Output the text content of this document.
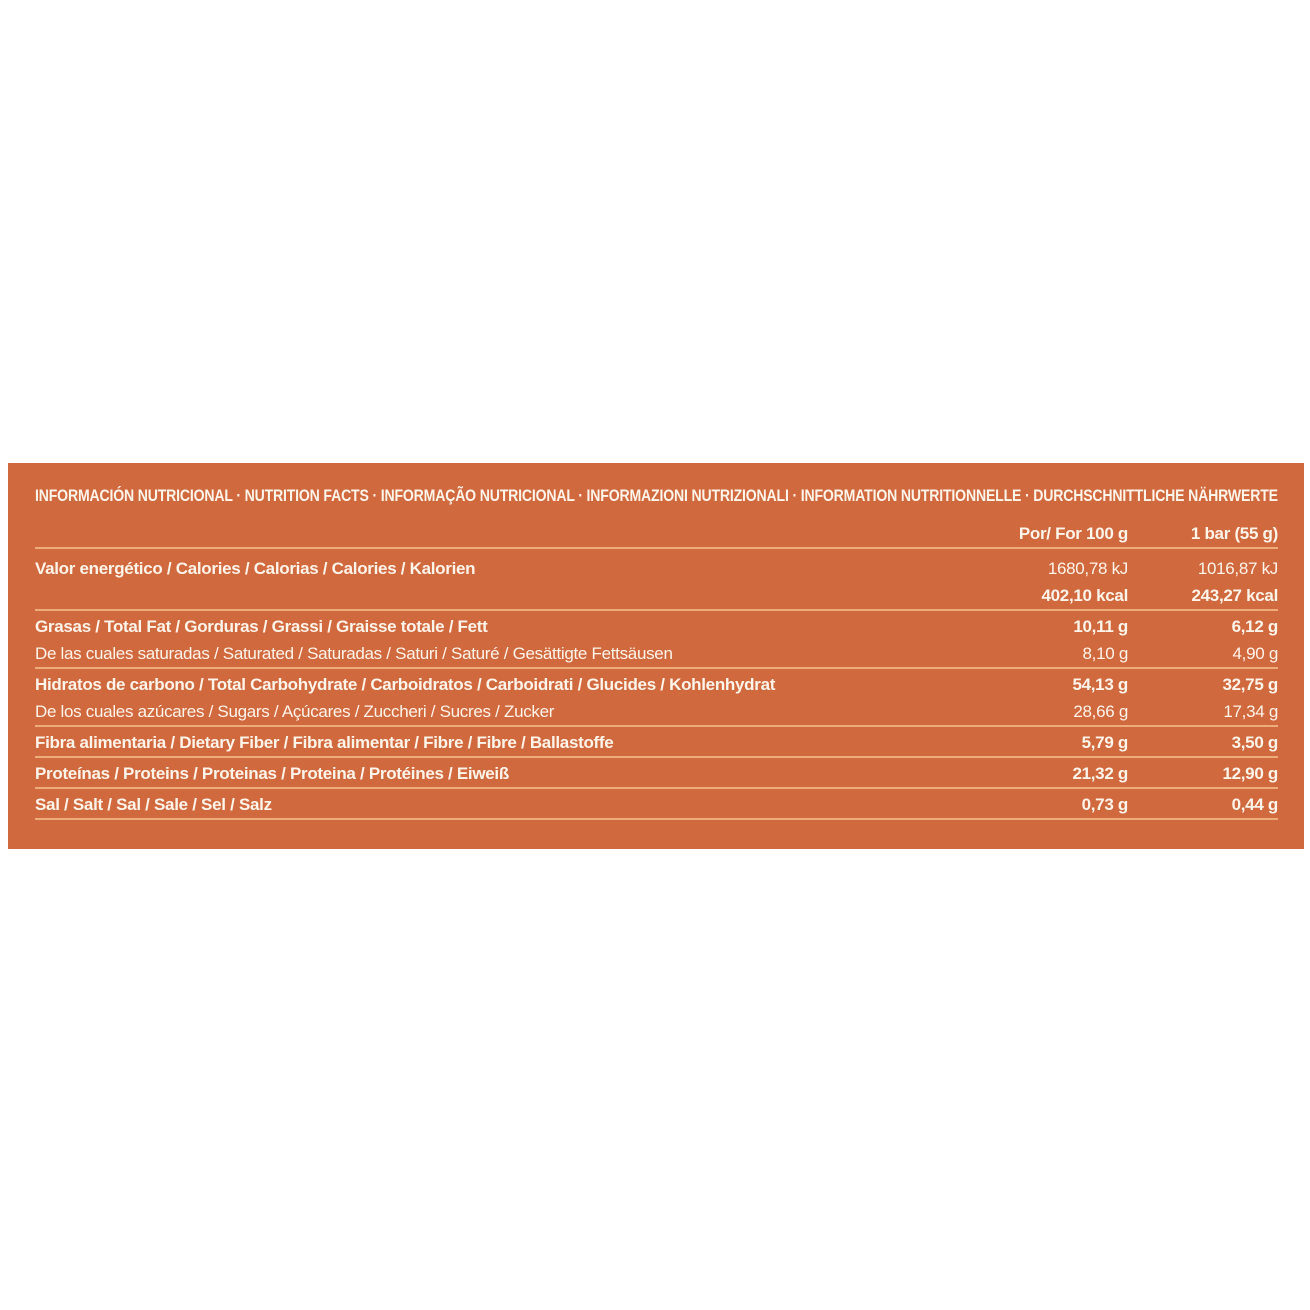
INFORMACIÓN NUTRICIONAL · NUTRITION FACTS · INFORMAÇÃO NUTRICIONAL · INFORMAZIONI NUTRIZIONALI · INFORMATION NUTRITIONNELLE · DURCHSCHNITTLICHE NÄHRWERTE
Por/ For 100 g	1 bar (55 g)
Valor energético / Calories / Calorias / Calories / Kalorien	1680,78 kJ	1016,87 kJ
402,10 kcal	243,27 kcal
Grasas / Total Fat / Gorduras / Grassi / Graisse totale / Fett	10,11 g	6,12 g
De las cuales saturadas / Saturated / Saturadas / Saturi / Saturé / Gesättigte Fettsäusen	8,10 g	4,90 g
Hidratos de carbono / Total Carbohydrate / Carboidratos / Carboidrati / Glucides / Kohlenhydrat	54,13 g	32,75 g
De los cuales azúcares / Sugars / Açúcares / Zuccheri / Sucres / Zucker	28,66 g	17,34 g
Fibra alimentaria / Dietary Fiber / Fibra alimentar / Fibre / Fibre / Ballastoffe	5,79 g	3,50 g
Proteínas / Proteins / Proteinas / Proteina / Protéines / Eiweiß	21,32 g	12,90 g
Sal / Salt / Sal / Sale / Sel / Salz	0,73 g	0,44 g
